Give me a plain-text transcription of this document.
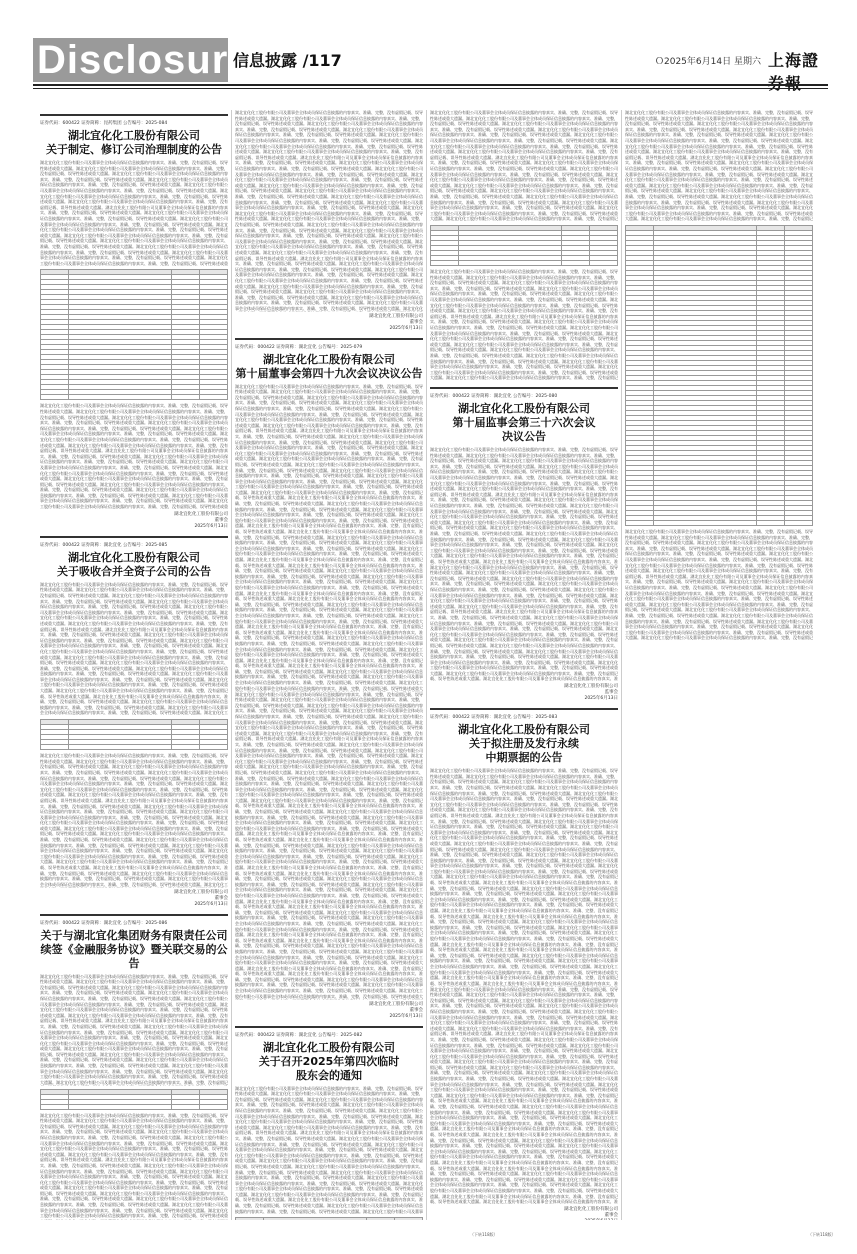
Disclosure
信息披露 /117	Ｏ2025年6月14日 星期六 上海證
证券代码：600422 证券简称：昆药集团 公告编号：2025-084
湖北宜化化工股份有限公司
关于制定、修订公司治理制度的公告
湖北宜化化工股份有限公司及董事会全体成员保证信息披露的内容真实、准确、完整，没有虚假记载、误导性陈述或重大遗漏。湖北宜化化工股份有限公司及董事会全体成员保证信息披露的内容真实、准确、完整，没有虚假记载、误导性陈述或重大遗漏。湖北宜化化工股份有限公司及董事会全体成员保证信息披露的内容真实、准确、完整，没有虚假记载、误导性陈述或重大遗漏。湖北宜化化工股份有限公司及董事会全体成员保证信息披露的内容真实、准确、完整，没有虚假记载、误导性陈述或重大遗漏。湖北宜化化工股份有限公司及董事会全体成员保证信息披露的内容真实、准确、完整，没有虚假记载、误导性陈述或重大遗漏。湖北宜化化工股份有限公司及董事会全体成员保证信息披露的内容真实、准确、完整，没有虚假记载、误导性陈述或重大遗漏。湖北宜化化工股份有限公司及董事会全体成员保证信息披露的内容真实、准确、完整，没有虚假记载、误导性陈述或重大遗漏。湖北宜化化工股份有限公司及董事会全体成员保证信息披露的内容真实、准确、完整，没有虚假记载、误导性陈述或重大遗漏。湖北宜化化工股份有限公司及董事会全体成员保证信息披露的内容真实、准确、完整，没有虚假记载、误导性陈述或重大遗漏。湖北宜化化工股份有限公司及董事会全体成员保证信息披露的内容真实、准确、完整，没有虚假记载、误导性陈述或重大遗漏。湖北宜化化工股份有限公司及董事会全体成员保证信息披露的内容真实、准确、完整，没有虚假记载、误导性陈述或重大遗漏。湖北宜化化工股份有限公司及董事会全体成员保证信息披露的内容真实、准确、完整，没有虚假记载、误导性陈述或重大遗漏。湖北宜化化工股份有限公司及董事会全体成员保证信息披露的内容真实、准确、完整，没有虚假记载、误导性陈述或重大遗漏。湖北宜化化工股份有限公司及董事会全体成员保证信息披露的内容真实、准确、完整，没有虚假记载、误导性陈述或重大遗漏。湖北宜化化工股份有限公司及董事会全体成员保证信息披露的内容真实、准确、完整，没有虚假记载、误导性陈述或重大遗漏。湖北宜化化工股份有限公司及董事会全体成员保证信息披露的内容真实、准确、完整，没有虚假记载、误导性陈述或重

湖北宜化化工股份有限公司及董事会全体成员保证信息披露的内容真实、准确、完整，没有虚假记载、误导性陈述或重大遗漏。湖北宜化化工股份有限公司及董事会全体成员保证信息披露的内容真实、准确、完整，没有虚假记载、误导性陈述或重大遗漏。湖北宜化化工股份有限公司及董事会全体成员保证信息披露的内容真实、准确、完整，没有虚假记载、误导性陈述或重大遗漏。湖北宜化化工股份有限公司及董事会全体成员保证信息披露的内容真实、准确、完整，没有虚假记载、误导性陈述或重大遗漏。湖北宜化化工股份有限公司及董事会全体成员保证信息披露的内容真实、准确、完整，没有虚假记载、误导性陈述或重大遗漏。湖北宜化化工股份有限公司及董事会全体成员保证信息披露的内容真实、准确、完整，没有虚假记载、误导性陈述或重大遗漏。湖北宜化化工股份有限公司及董事会全体成员保证信息披露的内容真实、准确、完整，没有虚假记载、误导性陈述或重大遗漏。湖北宜化化工股份有限公司及董事会全体成员保证信息披露的内容真实、准确、完整，没有虚假记载、误导性陈述或重大遗漏。湖北宜化化工股份有限公司及董事会全体成员保证信息披露的内容真实、准确、完整，没有虚假记载、误导性陈述或重大遗漏。湖北宜化化工股份有限公司及董事会全体成员保证信息披露的内容真实、准确、完整，没有虚假记载、误导性陈述或重大遗漏。湖北宜化化工股份有限公司及董事会全体成员保证信息披露的内容真实、准确、完整，没有虚假记载、误导性陈述或重大遗漏。湖北宜化化工股份有限公司及董事会全体成员保证信息披露的内容真实、准确、完整，没有虚假记载、误导性陈述或重大遗漏。湖北宜化化工股份有限公司及董事会全体成员保证信息披露的内容真实、准确、完整，没有虚假记载、误导性陈述或重大遗漏。湖北宜化化工股份有限公司及董事会全体成员保证信息披露的内容真实、准确、完整，没有虚假记载、误导性陈述或重大遗漏。湖北宜化化工股份有限公司及董事会全体成员保证信息披露的内容真实、准确、完整，没有虚假记载、误导性陈述或重大遗漏。湖北宜化化工股份有限公司及董事会全体成员保证信息披露的内容真实、准确、完整，没有虚假记载、误导性陈述或重
湖北宜化化工股份有限公司
董事会
2025年6月13日
证券代码：000422 证券简称：湖北宜化 公告编号：2025-085
湖北宜化化工股份有限公司
关于吸收合并全资子公司的公告
湖北宜化化工股份有限公司及董事会全体成员保证信息披露的内容真实、准确、完整，没有虚假记载、误导性陈述或重大遗漏。湖北宜化化工股份有限公司及董事会全体成员保证信息披露的内容真实、准确、完整，没有虚假记载、误导性陈述或重大遗漏。湖北宜化化工股份有限公司及董事会全体成员保证信息披露的内容真实、准确、完整，没有虚假记载、误导性陈述或重大遗漏。湖北宜化化工股份有限公司及董事会全体成员保证信息披露的内容真实、准确、完整，没有虚假记载、误导性陈述或重大遗漏。湖北宜化化工股份有限公司及董事会全体成员保证信息披露的内容真实、准确、完整，没有虚假记载、误导性陈述或重大遗漏。湖北宜化化工股份有限公司及董事会全体成员保证信息披露的内容真实、准确、完整，没有虚假记载、误导性陈述或重大遗漏。湖北宜化化工股份有限公司及董事会全体成员保证信息披露的内容真实、准确、完整，没有虚假记载、误导性陈述或重大遗漏。湖北宜化化工股份有限公司及董事会全体成员保证信息披露的内容真实、准确、完整，没有虚假记载、误导性陈述或重大遗漏。湖北宜化化工股份有限公司及董事会全体成员保证信息披露的内容真实、准确、完整，没有虚假记载、误导性陈述或重大遗漏。湖北宜化化工股份有限公司及董事会全体成员保证信息披露的内容真实、准确、完整，没有虚假记载、误导性陈述或重大遗漏。湖北宜化化工股份有限公司及董事会全体成员保证信息披露的内容真实、准确、完整，没有虚假记载、误导性陈述或重大遗漏。湖北宜化化工股份有限公司及董事会全体成员保证信息披露的内容真实、准确、完整，没有虚假记载、误导性陈述或重大遗漏。湖北宜化化工股份有限公司及董事会全体成员保证信息披露的内容真实、准确、完整，没有虚假记载、误导性陈述或重大遗漏。湖北宜化化工股份有限公司及董事会全体成员保证信息披露的内容真实、准确、完整，没有虚假记载、误导性陈述或重大遗漏。湖北宜化化工股份有限公司及董事会全体成员保证信息披露的内容真实、准确、完整，没有虚假记载、误导性陈述或重大遗漏。湖北宜化化工股份有限公司及董事会全体成员保证信息披露的内容真实、准确、完整，没有虚假记载、误导性陈述或重大遗漏。湖北宜化化工股份有限公司及董事会全体成员保证信息披露的内容真实、准确、完整，没有虚假记载、误导性陈述或重大遗漏。湖北宜化化工股份有限公司及董事会全体成员保证信息披露的内容真实、准确、完整，没有虚假记载、误导性陈述或重大遗漏。湖北宜化化工股份有限公司及董事会全体成员保证信息披露的内容真实、准确、完整，没有虚假记载、误导性陈述或重大遗漏。湖北宜化化工股份有限公司及董事会全体成员保证信息披露的内容真实、准确、完整，没有虚假记载、误导性陈述或重大遗漏。湖北宜化化工

湖北宜化化工股份有限公司及董事会全体成员保证信息披露的内容真实、准确、完整，没有虚假记载、误导性陈述或重大遗漏。湖北宜化化工股份有限公司及董事会全体成员保证信息披露的内容真实、准确、完整，没有虚假记载、误导性陈述或重大遗漏。湖北宜化化工股份有限公司及董事会全体成员保证信息披露的内容真实、准确、完整，没有虚假记载、误导性陈述或重大遗漏。湖北宜化化工股份有限公司及董事会全体成员保证信息披露的内容真实、准确、完整，没有虚假记载、误导性陈述或重大遗漏。湖北宜化化工股份有限公司及董事会全体成员保证信息披露的内容真实、准确、完整，没有虚假记载、误导性陈述或重大遗漏。湖北宜化化工股份有限公司及董事会全体成员保证信息披露的内容真实、准确、完整，没有虚假记载、误导性陈述或重大遗漏。湖北宜化化工股份有限公司及董事会全体成员保证信息披露的内容真实、准确、完整，没有虚假记载、误导性陈述或重大遗漏。湖北宜化化工股份有限公司及董事会全体成员保证信息披露的内容真实、准确、完整，没有虚假记载、误导性陈述或重大遗漏。湖北宜化化工股份有限公司及董事会全体成员保证信息披露的内容真实、准确、完整，没有虚假记载、误导性陈述或重大遗漏。湖北宜化化工股份有限公司及董事会全体成员保证信息披露的内容真实、准确、完整，没有虚假记载、误导性陈述或重大遗漏。湖北宜化化工股份有限公司及董事会全体成员保证信息披露的内容真实、准确、完整，没有虚假记载、误导性陈述或重大遗漏。湖北宜化化工股份有限公司及董事会全体成员保证信息披露的内容真实、准确、完整，没有虚假记载、误导性陈述或重大遗漏。湖北宜化化工股份有限公司及董事会全体成员保证信息披露的内容真实、准确、完整，没有虚假记载、误导性陈述或重大遗漏。湖北宜化化工股份有限公司及董事会全体成员保证信息披露的内容真实、准确、完整，没有虚假记载、误导性陈述或重大遗漏。湖北宜化化工股份有限公司及董事会全体成员保证信息披露的内容真实、准确、完整，没有虚假记载、误导性陈述或重大遗漏。湖北宜化化工股份有限公司及董事会全体成员保证信息披露的内容真实、准确、完整，没有虚假记载、误导性陈述或重大遗漏。湖北宜化化工股份有限公司及董事会全体成员保证信息披露的内容真实、准确、完整，没有虚假记载、误导性陈述或重大遗漏。湖北宜化化工股份有限公司及董事会全体成员保证信息披露的内容真实、准确、完整，没有虚假记载、误导性陈述或重大遗漏。湖北宜化化工股份有限公司及董事会全体成员保证信息披露的内容真实、准确、完整，没有虚假记载、误导性陈述或重大遗漏。湖北宜化化工股份有限公司及董事会全体成员保证信息披露的内容真实、准确、完整，没有虚假记载、误导性陈述或重大遗漏。湖北宜化化工
湖北宜化化工股份有限公司
董事会
2025年6月13日
证券代码：000422 证券简称：湖北宜化 公告编号：2025-086
关于与湖北宜化集团财务有限责任公司
续签《金融服务协议》暨关联交易的公告
湖北宜化化工股份有限公司及董事会全体成员保证信息披露的内容真实、准确、完整，没有虚假记载、误导性陈述或重大遗漏。湖北宜化化工股份有限公司及董事会全体成员保证信息披露的内容真实、准确、完整，没有虚假记载、误导性陈述或重大遗漏。湖北宜化化工股份有限公司及董事会全体成员保证信息披露的内容真实、准确、完整，没有虚假记载、误导性陈述或重大遗漏。湖北宜化化工股份有限公司及董事会全体成员保证信息披露的内容真实、准确、完整，没有虚假记载、误导性陈述或重大遗漏。湖北宜化化工股份有限公司及董事会全体成员保证信息披露的内容真实、准确、完整，没有虚假记载、误导性陈述或重大遗漏。湖北宜化化工股份有限公司及董事会全体成员保证信息披露的内容真实、准确、完整，没有虚假记载、误导性陈述或重大遗漏。湖北宜化化工股份有限公司及董事会全体成员保证信息披露的内容真实、准确、完整，没有虚假记载、误导性陈述或重大遗漏。湖北宜化化工股份有限公司及董事会全体成员保证信息披露的内容真实、准确、完整，没有虚假记载、误导性陈述或重大遗漏。湖北宜化化工股份有限公司及董事会全体成员保证信息披露的内容真实、准确、完整，没有虚假记载、误导性陈述或重大遗漏。湖北宜化化工股份有限公司及董事会全体成员保证信息披露的内容真实、准确、完整，没有虚假记载、误导性陈述或重大遗漏。湖北宜化化工股份有限公司及董事会全体成员保证信息披露的内容真实、准确、完整，没有虚假记载、误导性陈述或重大遗漏。湖北宜化化工股份有限公司及董事会全体成员保证信息披露的内容真实、准确、完整，没有虚假记载、误导性陈述或重大遗漏。湖北宜化化工股份有限公司及董事会全体成员保证信息披露的内容真实、准确、完整，没有虚假记载、误导性陈述或重大遗漏。湖北宜化化工股份有限公司及董事会全体成员保证信息披露的内容真实、准确、完整，没有虚假记载、误导性陈述或重大遗漏。湖北宜化化工股份有限公司及董事会全体成员保证信息披露的内容真实、准确、完整，没有虚假记载、误导性陈述或重大遗漏。湖北宜化化工股份有限公司及董事会全体成员保证信息披露的内容真实、准确、完整，没有虚假记载、误导性陈述或重大遗漏。湖北宜化化工股份有限公司及董事会全体成员保证信息披露的内容真实、准确、完整，没有虚假记

湖北宜化化工股份有限公司及董事会全体成员保证信息披露的内容真实、准确、完整，没有虚假记载、误导性陈述或重大遗漏。湖北宜化化工股份有限公司及董事会全体成员保证信息披露的内容真实、准确、完整，没有虚假记载、误导性陈述或重大遗漏。湖北宜化化工股份有限公司及董事会全体成员保证信息披露的内容真实、准确、完整，没有虚假记载、误导性陈述或重大遗漏。湖北宜化化工股份有限公司及董事会全体成员保证信息披露的内容真实、准确、完整，没有虚假记载、误导性陈述或重大遗漏。湖北宜化化工股份有限公司及董事会全体成员保证信息披露的内容真实、准确、完整，没有虚假记载、误导性陈述或重大遗漏。湖北宜化化工股份有限公司及董事会全体成员保证信息披露的内容真实、准确、完整，没有虚假记载、误导性陈述或重大遗漏。湖北宜化化工股份有限公司及董事会全体成员保证信息披露的内容真实、准确、完整，没有虚假记载、误导性陈述或重大遗漏。湖北宜化化工股份有限公司及董事会全体成员保证信息披露的内容真实、准确、完整，没有虚假记载、误导性陈述或重大遗漏。湖北宜化化工股份有限公司及董事会全体成员保证信息披露的内容真实、准确、完整，没有虚假记载、误导性陈述或重大遗漏。湖北宜化化工股份有限公司及董事会全体成员保证信息披露的内容真实、准确、完整，没有虚假记载、误导性陈述或重大遗漏。湖北宜化化工股份有限公司及董事会全体成员保证信息披露的内容真实、准确、完整，没有虚假记载、误导性陈述或重大遗漏。湖北宜化化工股份有限公司及董事会全体成员保证信息披露的内容真实、准确、完整，没有虚假记载、误导性陈述或重大遗漏。湖北宜化化工股份有限公司及董事会全体成员保证信息披露的内容真实、准确、完整，没有虚假记载、误导性陈述或重大遗漏。湖北宜化化工股份有限公司及董事会全体成员保证信息披露的内容真实、准确、完整，没有虚假记载、误导性陈述或重大遗漏。湖北宜化化工股份有限公司及董事会全体成员保证信息披露的内容真实、准确、完整，没有虚假记载、误导性陈述或重大遗漏。湖北宜化化工股份有限公司及董事会全体成员保证信息披露的内容真实、准确、完整，没有虚假记载、误导性陈述或重
湖北宜化化工股份有限公司及董事会全体成员保证信息披露的内容真实、准确、完整，没有虚假记载、误导性陈述或重大遗漏。湖北宜化化工股份有限公司及董事会全体成员保证信息披露的内容真实、准确、完整，没有虚假记载、误导性陈述或重大遗漏。湖北宜化化工股份有限公司及董事会全体成员保证信息披露的内容真实、准确、完整，没有虚假记载、误导性陈述或重大遗漏。湖北宜化化工股份有限公司及董事会全体成员保证信息披露的内容真实、准确、完整，没有虚假记载、误导性陈述或重大遗漏。湖北宜化化工股份有限公司及董事会全体成员保证信息披露的内容真实、准确、完整，没有虚假记载、误导性陈述或重大遗漏。湖北宜化化工股份有限公司及董事会全体成员保证信息披露的内容真实、准确、完整，没有虚假记载、误导性陈述或重大遗漏。湖北宜化化工股份有限公司及董事会全体成员保证信息披露的内容真实、准确、完整，没有虚假记载、误导性陈述或重大遗漏。湖北宜化化工股份有限公司及董事会全体成员保证信息披露的内容真实、准确、完整，没有虚假记载、误导性陈述或重大遗漏。湖北宜化化工股份有限公司及董事会全体成员保证信息披露的内容真实、准确、完整，没有虚假记载、误导性陈述或重大遗漏。湖北宜化化工股份有限公司及董事会全体成员保证信息披露的内容真实、准确、完整，没有虚假记载、误导性陈述或重大遗漏。湖北宜化化工股份有限公司及董事会全体成员保证信息披露的内容真实、准确、完整，没有虚假记载、误导性陈述或重大遗漏。湖北宜化化工股份有限公司及董事会全体成员保证信息披露的内容真实、准确、完整，没有虚假记载、误导性陈述或重大遗漏。湖北宜化化工股份有限公司及董事会全体成员保证信息披露的内容真实、准确、完整，没有虚假记载、误导性陈述或重大遗漏。湖北宜化化工股份有限公司及董事会全体成员保证信息披露的内容真实、准确、完整，没有虚假记载、误导性陈述或重大遗漏。湖北宜化化工股份有限公司及董事会全体成员保证信息披露的内容真实、准确、完整，没有虚假记载、误导性陈述或重大遗漏。湖北宜化化
湖北宜化化工股份有限公司及董事会全体成员保证信息披露的内容真实、准确、完整，没有虚假记载、误导性陈述或重大遗漏。湖北宜化化工股份有限公司及董事会全体成员保证信息披露的内容真实、准确、完整，没有虚假记载、误导性陈述或重大遗漏。湖北宜化化工股份有限公司及董事会全体成员保证信息披露的内容真实、准确、完整，没有虚假记载、误导性陈述或重大遗漏。湖北宜化化工股份有限公司及董事会全体成员保证信息披露的内容真实、准确、完整，没有虚假记载、误导性陈述或重大遗漏。湖北宜化化工股份有限公司及董事会全体成员保证信息披露的内容真实、准确、完整，没有虚假记载、误导性陈述或重大遗漏。湖北宜化化工股份有限公司及董事会全体成员保证信息披露的内容真实、准确、完整，没有虚假记载、误导性陈述或重大遗漏。湖北宜化化工股份有限公司及董事会全体成员保证信息披露的内容真实、准确、完整，没有虚假记载、误导性陈述或重大遗漏。湖北宜化化工股份有限公司及董事会全体成员保证信息披露的内容真实、准确、完整，没有虚假记载、误导性陈述或重大遗漏。湖北宜化化工股份有限公司及董事会全体成员保证信息披露的内容真实、准确、完整，没有虚假记载、误导性陈述或重大遗漏。湖北宜化化工股份有限公司及董事会全体成员保证信息披露的内容真实、准确、完整，没有虚假记载、误导性陈述或重大遗漏。湖北宜化化工股份有限公司及董事会全体成员保证信息披露的内容真实、准确、完整，没有虚假记载、误导性陈述或重大遗漏。湖北宜化化工股份有限公司及董事会全体成员保证信息披露的内容真实、准确、完整，没有虚假记载、误导性陈述或重大遗漏。湖北宜化化工股份有限公司及董事会全体成员保证信息披露的内容真实、准确、完整，没有虚假记载、误导性陈述或重大遗漏。湖北宜化化工股份有限公司及董事会全体成员保证信息披露的内容真实、准确、完整，没有虚假记载、误导性陈述或重大遗漏。湖北宜化化工股份有限公司及董事会全体成员保证信息披露的内容真实、准确、完整，没有虚假记载、误导性陈述或重大遗漏。湖北宜化化
湖北宜化化工股份有限公司
董事会
2025年6月13日
证券代码：000422 证券简称：湖北宜化 公告编号：2025-079
湖北宜化化工股份有限公司
第十届董事会第四十九次会议决议公告
湖北宜化化工股份有限公司及董事会全体成员保证信息披露的内容真实、准确、完整，没有虚假记载、误导性陈述或重大遗漏。湖北宜化化工股份有限公司及董事会全体成员保证信息披露的内容真实、准确、完整，没有虚假记载、误导性陈述或重大遗漏。湖北宜化化工股份有限公司及董事会全体成员保证信息披露的内容真实、准确、完整，没有虚假记载、误导性陈述或重大遗漏。湖北宜化化工股份有限公司及董事会全体成员保证信息披露的内容真实、准确、完整，没有虚假记载、误导性陈述或重大遗漏。湖北宜化化工股份有限公司及董事会全体成员保证信息披露的内容真实、准确、完整，没有虚假记载、误导性陈述或重大遗漏。湖北宜化化工股份有限公司及董事会全体成员保证信息披露的内容真实、准确、完整，没有虚假记载、误导性陈述或重大遗漏。湖北宜化化工股份有限公司及董事会全体成员保证信息披露的内容真实、准确、完整，没有虚假记载、误导性陈述或重大遗漏。湖北宜化化工股份有限公司及董事会全体成员保证信息披露的内容真实、准确、完整，没有虚假记载、误导性陈述或重大遗漏。湖北宜化化工股份有限公司及董事会全体成员保证信息披露的内容真实、准确、完整，没有虚假记载、误导性陈述或重大遗漏。湖北宜化化工股份有限公司及董事会全体成员保证信息披露的内容真实、准确、完整，没有虚假记载、误导性陈述或重大遗漏。湖北宜化化工股份有限公司及董事会全体成员保证信息披露的内容真实、准确、完整，没有虚假记载、误导性陈述或重大遗漏。湖北宜化化工股份有限公司及董事会全体成员保证信息披露的内容真实、准确、完整，没有虚假记载、误导性陈述或重大遗漏。湖北宜化化工股份有限公司及董事会全体成员保证信息披露的内容真实、准确、完整，没有虚假记载、误导性陈述或重大遗漏。湖北宜化化工股份有限公司及董事会全体成员保证信息披露的内容真实、准确、完整，没有虚假记载、误导性陈述或重大遗漏。湖北宜化化工股份有限公司及董事会全体成员保证信息披露的内容真实、准确、完整，没有虚假记载、误导性陈述或重大遗漏。湖北宜化化工股份有限公司及董事会全体成员保证信息披露的内容真实、准确、完整，没有虚假记载、误导性陈述或重大遗漏。湖北宜化化工股份有限公司及董事会全体成员保证信息披露的内容真实、准确、完整，没有虚假记载、误导性陈述或重大遗漏。湖北宜化化工股份有限公司及董事会全体成员保证信息披露的内容真实、准确、完整，没有虚假记载、误导性陈述或重大遗漏。湖北宜化化工股份有限公司及董事会全体成员保证信息披露的内容真实、准确、完整，没有虚假记载、误导性陈述或重大遗漏。湖北宜化化工股份有限公司及董事会全体成员保证信息披露的内容真实、准确、完整，没有虚假记载、误导性陈述或重大遗漏。湖北宜化化工股份有限公司及董事会全体成员保证信息披露的内容真实、准确、完整，没有虚假记载、误导性陈述或重大遗漏。湖北宜化化工股份有限公司及董事会全体成员保证信息披露的内容真实、准确、完整，没有虚假记载、误导性陈述或重大遗漏。湖北宜化化工股份有限公司及董事会全体成员保证信息披露的内容真实、准确、完整，没有虚假记载、误导性陈述或重大遗漏。湖北宜化化工股份有限公司及董事会全体成员保证信息披露的内容真实、准确、完整，没有虚假记载、误导性陈述或重大遗漏。湖北宜化化工股份有限公司及董事会全体成员保证信息披露的内容真实、准确、完整，没有虚假记载、误导性陈述或重大遗漏。湖北宜化化工股份有限公司及董事会全体成员保证信息披露的内容真实、准确、完整，没有虚假记载、误导性陈述或重大遗漏。湖北宜化化工股份有限公司及董事会全体成员保证信息披露的内容真实、准确、完整，没有虚假记载、误导性陈述或重大遗漏。湖北宜化化工股份有限公司及董事会全体成员保证信息披露的内容真实、准确、完整，没有虚假记载、误导性陈述或重大遗漏。湖北宜化化工股份有限公司及董事会全体成员保证信息披露的内容真实、准确、完整，没有虚假记载、误导性陈述或重大遗漏。湖北宜化化工股份有限公司及董事会全体成员保证信息披露的内容真实、准确、完整，没有虚假记载、误导性陈述或重大遗漏。湖北宜化化工股份有限公司及董事会全体成员保证信息披露的内容真实、准确、完整，没有虚假记载、误导性陈述或重大遗漏。湖北宜化化工股份有限公司及董事会全体成员保证信息披露的内容真实、准确、完整，没有虚假记载、误导性陈述或重大遗漏。湖北宜化化工股份有限公司及董事会全体成员保证信息披露的内容真实、准确、完整，没有虚假记载、误导性陈述或重大遗漏。湖北宜化化工股份有限公司及董事会全体成员保证信息披露的内容真实、准确、完整，没有虚假记载、误导性陈述或重大遗漏。湖北宜化化工股份有限公司及董事会全体成员保证信息披露的内容真实、准确、完整，没有虚假记载、误导性陈述或重大遗漏。湖北宜化化工股份有限公司及董事会全体成员保证信息披露的内容真实、准确、完整，没有虚假记载、误导性陈述或重大遗漏。湖北宜化化工股份有限公司及董事会全体成员保证信息披露的内容真实、准确、完整，没有虚假记载、误导性陈述或重大遗漏。湖北宜化化工股份有限公司及董事会全体成员保证信息披露的内容真实、准确、完整，没有虚假记载、误导性陈述或重大遗漏。湖北宜化化工股份有限公司及董事会全体成员保证信息披露的内容真实、准确、完整，没有虚假记载、误导性陈述或重大遗漏。湖北宜化化工股份有限公司及董事会全体成员保证信息披露的内容真实、准确、完整，没有虚假记载、误导性陈述或重大遗漏。湖北宜化化工股份有限公司及董事会全体成员保证信息披露的内容真实、准确、完整，没有虚假记载、误导性陈述或重大遗漏。湖北宜化化工股份有限公司及董事会全体成员保证信息披露的内容真实、准确、完整，没有虚假记载、误导性陈述或重大遗漏。湖北宜化化工股份有限公司及董事会全体成员保证信息披露的内容真实、准确、完整，没有虚假记载、误导性陈述或重大遗漏。湖北宜化化工股份有限公司及董事会全体成员保证信息披露的内容真实、准确、完整，没有虚假记载、误导性陈述或重大遗漏。湖北宜化化工股份有限公司及董事会全体成员保证信息披露的内容真实、准确、完整，没有虚假记载、误导性陈述或重大遗漏。湖北宜化化工股份有限公司及董事会全体成员保证信息披露的内容真实、准确、完整，没有虚假记载、误导性陈述或重大
湖北宜化化工股份有限公司及董事会全体成员保证信息披露的内容真实、准确、完整，没有虚假记载、误导性陈述或重大遗漏。湖北宜化化工股份有限公司及董事会全体成员保证信息披露的内容真实、准确、完整，没有虚假记载、误导性陈述或重大遗漏。湖北宜化化工股份有限公司及董事会全体成员保证信息披露的内容真实、准确、完整，没有虚假记载、误导性陈述或重大遗漏。湖北宜化化工股份有限公司及董事会全体成员保证信息披露的内容真实、准确、完整，没有虚假记载、误导性陈述或重大遗漏。湖北宜化化工股份有限公司及董事会全体成员保证信息披露的内容真实、准确、完整，没有虚假记载、误导性陈述或重大遗漏。湖北宜化化工股份有限公司及董事会全体成员保证信息披露的内容真实、准确、完整，没有虚假记载、误导性陈述或重大遗漏。湖北宜化化工股份有限公司及董事会全体成员保证信息披露的内容真实、准确、完整，没有虚假记载、误导性陈述或重大遗漏。湖北宜化化工股份有限公司及董事会全体成员保证信息披露的内容真实、准确、完整，没有虚假记载、误导性陈述或重大遗漏。湖北宜化化工股份有限公司及董事会全体成员保证信息披露的内容真实、准确、完整，没有虚假记载、误导性陈述或重大遗漏。湖北宜化化工股份有限公司及董事会全体成员保证信息披露的内容真实、准确、完整，没有虚假记载、误导性陈述或重大遗漏。湖北宜化化工股份有限公司及董事会全体成员保证信息披露的内容真实、准确、完整，没有虚假记载、误导性陈述或重大遗漏。湖北宜化化工股份有限公司及董事会全体成员保证信息披露的内容真实、准确、完整，没有虚假记载、误导性陈述或重大遗漏。湖北宜化化工股份有限公司及董事会全体成员保证信息披露的内容真实、准确、完整，没有虚假记载、误导性陈述或重大遗漏。湖北宜化化工股份有限公司及董事会全体成员保证信息披露的内容真实、准确、完整，没有虚假记载、误导性陈述或重大遗漏。湖北宜化化工股份有限公司及董事会全体成员保证信息披露的内容真实、准确、完整，没有虚假记载、误导性陈述或重大遗漏。湖北宜化化工股份有限公司及董事会全体成员保证信息披露的内容真实、准确、完整，没有虚假记载、误导性陈述或重大遗漏。湖北宜化化工股份有限公司及董事会全体成员保证信息披露的内容真实、准确、完整，没有虚假记载、误导性陈述或重大遗漏。湖北宜化化工股份有限公司及董事会全体成员保证信息披露的内容真实、准确、完整，没有虚假记载、误导性陈述或重大遗漏。湖北宜化化工股份有限公司及董事会全体成员保证信息披露的内容真实、准确、完整，没有虚假记载、误导性陈述或重大遗漏。湖北宜化化工股份有限公司及董事会全体成员保证信息披露的内容真实、准确、完整，没有虚假记载、误导性陈述或重大遗漏。湖北宜化化工股份有限公司及董事会全体成员保证信息披露的内容真实、准确、完整，没有虚假记载、误导性陈述或重大遗漏。湖北宜化化工股份有限公司及董事会全体成员保证信息披露的内容真实、准确、完整，没有虚假记载、误导性陈述或重大遗漏。湖北宜化化工股份有限公司及董事会全体成员保证信息披露的内容真实、准确、完整，没有虚假记载、误导性陈述或重大遗漏。湖北宜化化工股份有限公司及董事会全体成员保证信息披露的内容真实、准确、完整，没有虚假记载、误导性陈述或重大遗漏。湖北宜化化工股份有限公司及董事会全体成员保证信息披露的内容真实、准确、完整，没有虚假记载、误导性陈述或重大遗漏。湖北宜化化工股份有限公司及董事会全体成员保证信息披露的内容真实、准确、完整，没有虚假记载、误导性陈述或重大遗漏。湖北宜化化工股份有限公司及董事会全体成员保证信息披露的内容真实、准确、完整，没有虚假记载、误导性陈述或重大遗漏。湖北宜化化工股份有限公司及董事会全体成员保证信息披露的内容真实、准确、完整，没有虚假记载、误导性陈述或重大遗漏。湖北宜化化工股份有限公司及董事会全体成员保证信息披露的内容真实、准确、完整，没有虚假记载、误导性陈述或重大遗漏。湖北宜化化工股份有限公司及董事会全体成员保证信息披露的内容真实、准确、完整，没有虚假记载、误导性陈述或重大遗漏。湖北宜化化工股份有限公司及董事会全体成员保证信息披露的内容真实、准确、完整，没有虚假记载、误导性陈述或重大遗漏。湖北宜化化工股份有限公司及董事会全体成员保证信息披露的内容真实、准确、完整，没有虚假记载、误导性陈述或重大遗漏。湖北宜化化工股份有限公司及董事会全体成员保证信息披露的内容真实、准确、完整，没有虚假记载、误导性陈述或重大遗漏。湖北宜化化工股份有限公司及董事会全体成员保证信息披露的内容真实、准确、完整，没有虚假记载、误导性陈述或重大遗漏。湖北宜化化工股份有限公司及董事会全体成员保证信息披露的内容真实、准确、完整，没有虚假记载、误导性陈述或重大遗漏。湖北宜化化工股份有限公司及董事会全体成员保证信息披露的内容真实、准确、完整，没有虚假记载、误导性陈述或重大遗漏。湖北宜化化工股份有限公司及董事会全体成员保证信息披露的内容真实、准确、完整，没有虚假记载、误导性陈述或重大遗漏。湖北宜化化工股份有限公司及董事会全体成员保证信息披露的内容真实、准确、完整，没有虚假记载、误导性陈述或重大遗漏。湖北宜化化工股份有限公司及董事会全体成员保证信息披露的内容真实、准确、完整，没有虚假记载、误导性陈述或重大遗漏。湖北宜化化工股份有限公司及董事会全体成员保证信息披露的内容真实、准确、完整，没有虚假记载、误导性陈述或重大遗漏。湖北宜化化工股份有限公司及董事会全体成员保证信息披露的内容真实、准确、完整，没有虚假记载、误导性陈述或重大遗漏。湖北宜化化工股份有限公司及董事会全体成员保证信息披露的内容真实、准确、完整，没有虚假记载、误导性陈述或重大遗漏。湖北宜化化工股份有限公司及董事会全体成员保证信息披露的内容真实、准确、完整，没有虚假记载、误导性陈述或重大遗漏。湖北宜化化工股份有限公司及董事会全体成员保证信息披露的内容真实、准确、完整，没有虚假记载、误导性陈述或重大遗漏。湖北宜化化工股份有限公司及董事会全体成员保证信息披露的内容真实、准确、完整，没有虚假记载、误导性陈述或重大遗漏。湖北宜化化工股份有限公司及董事会全体成员保证信息披露的内容真实、准确、完整，没有虚假记载、误导性陈述或重大
湖北宜化化工股份有限公司
董事会
2025年6月13日
证券代码：000422 证券简称：湖北宜化 公告编号：2025-082
湖北宜化化工股份有限公司
关于召开2025年第四次临时
股东会的通知
湖北宜化化工股份有限公司及董事会全体成员保证信息披露的内容真实、准确、完整，没有虚假记载、误导性陈述或重大遗漏。湖北宜化化工股份有限公司及董事会全体成员保证信息披露的内容真实、准确、完整，没有虚假记载、误导性陈述或重大遗漏。湖北宜化化工股份有限公司及董事会全体成员保证信息披露的内容真实、准确、完整，没有虚假记载、误导性陈述或重大遗漏。湖北宜化化工股份有限公司及董事会全体成员保证信息披露的内容真实、准确、完整，没有虚假记载、误导性陈述或重大遗漏。湖北宜化化工股份有限公司及董事会全体成员保证信息披露的内容真实、准确、完整，没有虚假记载、误导性陈述或重大遗漏。湖北宜化化工股份有限公司及董事会全体成员保证信息披露的内容真实、准确、完整，没有虚假记载、误导性陈述或重大遗漏。湖北宜化化工股份有限公司及董事会全体成员保证信息披露的内容真实、准确、完整，没有虚假记载、误导性陈述或重大遗漏。湖北宜化化工股份有限公司及董事会全体成员保证信息披露的内容真实、准确、完整，没有虚假记载、误导性陈述或重大遗漏。湖北宜化化工股份有限公司及董事会全体成员保证信息披露的内容真实、准确、完整，没有虚假记载、误导性陈述或重大遗漏。湖北宜化化工股份有限公司及董事会全体成员保证信息披露的内容真实、准确、完整，没有虚假记载、误导性陈述或重大遗漏。湖北宜化化工股份有限公司及董事会全体成员保证信息披露的内容真实、准确、完整，没有虚假记载、误导性陈述或重大遗漏。湖北宜化化工股份有限公司及董事会全体成员保证信息披露的内容真实、准确、完整，没有虚假记载、误导性陈述或重大遗漏。湖北宜化化工股份有限公司及董事会全体成员保证信息披露的内容真实、准确、完整，没有虚假记载、误导性陈述或重大遗漏。湖北宜化化工股份有限公司及董事会全体成员保证信息披露的内容真实、准确、完整，没有虚假记载、误导性陈述或重大遗漏。湖北宜化化工股份有限公司及董事会全体成员保证信息披露的内容真实、准确、完整，没有虚假记载、误导性陈述或重大遗漏。湖北宜化化工股份有限公司及董事会全体成员保证信息披露的内容真实、准确、完整，没有虚假记载、误导性陈述或重大遗漏。湖北宜化化工股份有限公司及董事会全体成员保证信息披露的内容真实、准确、完整，没有虚假记载、误导性陈述或重大遗漏。湖北宜化化工股份有限公司及董事会全体成员保证信息披露的内容真实、准确、完整，没有虚假记载、误导性陈述或重大遗漏。湖北宜化化工股份有限公司及董事会全体成员保证信息披露的内容真实、准确、完整，没有虚假记载、误导性陈述或重大遗漏。湖北宜化化工股份有限公司及董事

湖北宜化化工股份有限公司及董事会全体成员保证信息披露的内容真实、准确、完整，没有虚假记载、误导性陈述或重大遗漏。湖北宜化化工股份有限公司及董事会全体成员保证信息披露的内容真实、准确、完整，没有虚假记载、误导性陈述或重大遗漏。湖北宜化化工股份有限公司及董事会全体成员保证信息披露的内容真实、准确、完整，没有虚假记载、误导性陈述或重大遗漏。湖北宜化化工股份有限公司及董事会全体成员保证信息披露的内容真实、准确、完整，没有虚假记载、误导性陈述或重大遗漏。湖北宜化化工股份有限公司及董事会全体成员保证信息披露的内容真实、准确、完整，没有虚假记载、误导性陈述或重大遗漏。湖北宜化化工股份有限公司及董事会全体成员保证信息披露的内容真实、准确、完整，没有虚假记载、误导性陈述或重大遗漏。湖北宜化化工股份有限公司及董事会全体成员保证信息披露的内容真实、准确、完整，没有虚假记载、误导性陈述或重大遗漏。湖北宜化化工股份有限公司及董事会全体成员保证信息披露的内容真实、准确、完整，没有虚假记载、误导性陈述或重大遗漏。湖北宜化化工股份有限公司及董事会全体成员保证信息披露的内容真实、准确、完整，没有虚假记载、误导性陈述或重大遗漏。湖北宜化化工股份有限公司及董事会全体成员保证信息披露的内容真实、准确、完整，没有虚假记载、误导性陈述或重大遗漏。湖北宜化化工股份有限公司及董事会全体成员保证信息披露的内容真实、准确、完整，没有虚假记载、误导性陈述或重大遗漏。湖北宜化化工股份有限公司及董事会全体成员保证信息披露的内容真实、准确、完整，没有虚假记载、误导性陈述或重大遗漏。湖北宜化化工股份有限公司及董事会全体成员保证信息披露的内容真实、准确、完整，没有虚假记载、误导性陈述或重大遗漏。湖北宜化化工股份有限公司及董事会全体成员保证信息披露的内容真实、准确、完整，没有虚假记载、误导性陈述或重大遗漏。湖北宜化化工股份有限公司及董事会全体成员保证信息披露的内容真实、准确、完整，没有虚假记载、误导性陈述或重大遗漏。湖北宜化化工股份有限公司及董事会全体成员保证信息披露的内容真实、准确、完整，没有虚假记载、误导性陈述或重大遗漏。湖北宜化化工股份有限公司及董事会全体成员保证信息披露的内容真实、准确、完整，没有虚假记

湖北宜化化工股份有限公司及董事会全体成员保证信息披露的内容真实、准确、完整，没有虚假记载、误导性陈述或重大遗漏。湖北宜化化工股份有限公司及董事会全体成员保证信息披露的内容真实、准确、完整，没有虚假记载、误导性陈述或重大遗漏。湖北宜化化工股份有限公司及董事会全体成员保证信息披露的内容真实、准确、完整，没有虚假记载、误导性陈述或重大遗漏。湖北宜化化工股份有限公司及董事会全体成员保证信息披露的内容真实、准确、完整，没有虚假记载、误导性陈述或重大遗漏。湖北宜化化工股份有限公司及董事会全体成员保证信息披露的内容真实、准确、完整，没有虚假记载、误导性陈述或重大遗漏。湖北宜化化工股份有限公司及董事会全体成员保证信息披露的内容真实、准确、完整，没有虚假记载、误导性陈述或重大遗漏。湖北宜化化工股份有限公司及董事会全体成员保证信息披露的内容真实、准确、完整，没有虚假记载、误导性陈述或重大遗漏。湖北宜化化工股份有限公司及董事会全体成员保证信息披露的内容真实、准确、完整，没有虚假记载、误导性陈述或重大遗漏。湖北宜化化工股份有限公司及董事会全体成员保证信息披露的内容真实、准确、完整，没有虚假记载、误导性陈述或重大遗漏。湖北宜化化工股份有限公司及董事会全体成员保证信息披露的内容真实、准确、完整，没有虚假记载、误导性陈述或重大遗漏。湖北宜化化工股份有限公司及董事会全体成员保证信息披露的内容真实、准确、完整，没有虚假记载、误导性陈述或重大遗漏。湖北宜化化工股份有限公司及董事会全体成员保证信息披露的内容真实、准确、完整，没有虚假记载、误导性陈述或重大遗漏。湖北宜化化工股份有限公司及董事会全体成员保证信息披露的内容真实、准确、完整，没有虚假记载、误导性陈述或重大遗漏。湖北宜化化工股份有限公司及董事会全体成员保证信息披露的内容真实、准确、完整，没有虚假记载、误导性陈述或重大遗漏。湖北宜化化工股份有限公司及董事会全体成员保证信息披露的内容真实、准确、完整，没有虚假记载、误导性陈述或重大遗漏。湖北宜化化工股份有限公司及董事会全体成员保证信息披露的内容真实、准确、完整，没有虚假记载、误导性陈述或重大遗漏。湖北宜化化工股份有限公司及董事会全体成员保证信息披露的内容真实、准确、完整，没有虚假记
证券代码：000422 证券简称：湖北宜化 公告编号：2025-080
湖北宜化化工股份有限公司
第十届监事会第三十六次会议
决议公告
湖北宜化化工股份有限公司及董事会全体成员保证信息披露的内容真实、准确、完整，没有虚假记载、误导性陈述或重大遗漏。湖北宜化化工股份有限公司及董事会全体成员保证信息披露的内容真实、准确、完整，没有虚假记载、误导性陈述或重大遗漏。湖北宜化化工股份有限公司及董事会全体成员保证信息披露的内容真实、准确、完整，没有虚假记载、误导性陈述或重大遗漏。湖北宜化化工股份有限公司及董事会全体成员保证信息披露的内容真实、准确、完整，没有虚假记载、误导性陈述或重大遗漏。湖北宜化化工股份有限公司及董事会全体成员保证信息披露的内容真实、准确、完整，没有虚假记载、误导性陈述或重大遗漏。湖北宜化化工股份有限公司及董事会全体成员保证信息披露的内容真实、准确、完整，没有虚假记载、误导性陈述或重大遗漏。湖北宜化化工股份有限公司及董事会全体成员保证信息披露的内容真实、准确、完整，没有虚假记载、误导性陈述或重大遗漏。湖北宜化化工股份有限公司及董事会全体成员保证信息披露的内容真实、准确、完整，没有虚假记载、误导性陈述或重大遗漏。湖北宜化化工股份有限公司及董事会全体成员保证信息披露的内容真实、准确、完整，没有虚假记载、误导性陈述或重大遗漏。湖北宜化化工股份有限公司及董事会全体成员保证信息披露的内容真实、准确、完整，没有虚假记载、误导性陈述或重大遗漏。湖北宜化化工股份有限公司及董事会全体成员保证信息披露的内容真实、准确、完整，没有虚假记载、误导性陈述或重大遗漏。湖北宜化化工股份有限公司及董事会全体成员保证信息披露的内容真实、准确、完整，没有虚假记载、误导性陈述或重大遗漏。湖北宜化化工股份有限公司及董事会全体成员保证信息披露的内容真实、准确、完整，没有虚假记载、误导性陈述或重大遗漏。湖北宜化化工股份有限公司及董事会全体成员保证信息披露的内容真实、准确、完整，没有虚假记载、误导性陈述或重大遗漏。湖北宜化化工股份有限公司及董事会全体成员保证信息披露的内容真实、准确、完整，没有虚假记载、误导性陈述或重大遗漏。湖北宜化化工股份有限公司及董事会全体成员保证信息披露的内容真实、准确、完整，没有虚假记载、误导性陈述或重大遗漏。湖北宜化化工股份有限公司及董事会全体成员保证信息披露的内容真实、准确、完整，没有虚假记载、误导性陈述或重大遗漏。湖北宜化化工股份有限公司及董事会全体成员保证信息披露的内容真实、准
湖北宜化化工股份有限公司及董事会全体成员保证信息披露的内容真实、准确、完整，没有虚假记载、误导性陈述或重大遗漏。湖北宜化化工股份有限公司及董事会全体成员保证信息披露的内容真实、准确、完整，没有虚假记载、误导性陈述或重大遗漏。湖北宜化化工股份有限公司及董事会全体成员保证信息披露的内容真实、准确、完整，没有虚假记载、误导性陈述或重大遗漏。湖北宜化化工股份有限公司及董事会全体成员保证信息披露的内容真实、准确、完整，没有虚假记载、误导性陈述或重大遗漏。湖北宜化化工股份有限公司及董事会全体成员保证信息披露的内容真实、准确、完整，没有虚假记载、误导性陈述或重大遗漏。湖北宜化化工股份有限公司及董事会全体成员保证信息披露的内容真实、准确、完整，没有虚假记载、误导性陈述或重大遗漏。湖北宜化化工股份有限公司及董事会全体成员保证信息披露的内容真实、准确、完整，没有虚假记载、误导性陈述或重大遗漏。湖北宜化化工股份有限公司及董事会全体成员保证信息披露的内容真实、准确、完整，没有虚假记载、误导性陈述或重大遗漏。湖北宜化化工股份有限公司及董事会全体成员保证信息披露的内容真实、准确、完整，没有虚假记载、误导性陈述或重大遗漏。湖北宜化化工股份有限公司及董事会全体成员保证信息披露的内容真实、准确、完整，没有虚假记载、误导性陈述或重大遗漏。湖北宜化化工股份有限公司及董事会全体成员保证信息披露的内容真实、准确、完整，没有虚假记载、误导性陈述或重大遗漏。湖北宜化化工股份有限公司及董事会全体成员保证信息披露的内容真实、准确、完整，没有虚假记载、误导性陈述或重大遗漏。湖北宜化化工股份有限公司及董事会全体成员保证信息披露的内容真实、准确、完整，没有虚假记载、误导性陈述或重大遗漏。湖北宜化化工股份有限公司及董事会全体成员保证信息披露的内容真实、准确、完整，没有虚假记载、误导性陈述或重大遗漏。湖北宜化化工股份有限公司及董事会全体成员保证信息披露的内容真实、准确、完整，没有虚假记载、误导性陈述或重大遗漏。湖北宜化化工股份有限公司及董事会全体成员保证信息披露的内容真实、准确、完整，没有虚假记载、误导性陈述或重大遗漏。湖北宜化化工股份有限公司及董事会全体成员保证信息披露的内容真实、准确、完整，没有虚假记载、误导性陈述或重大遗漏。湖北宜化化工股份有限公司及董事会全体成员保证信息披露的内容真实、准
湖北宜化化工股份有限公司
监事会
2025年6月13日
证券代码：000422 证券简称：湖北宜化 公告编号：2025-083
湖北宜化化工股份有限公司
关于拟注册及发行永续
中期票据的公告
湖北宜化化工股份有限公司及董事会全体成员保证信息披露的内容真实、准确、完整，没有虚假记载、误导性陈述或重大遗漏。湖北宜化化工股份有限公司及董事会全体成员保证信息披露的内容真实、准确、完整，没有虚假记载、误导性陈述或重大遗漏。湖北宜化化工股份有限公司及董事会全体成员保证信息披露的内容真实、准确、完整，没有虚假记载、误导性陈述或重大遗漏。湖北宜化化工股份有限公司及董事会全体成员保证信息披露的内容真实、准确、完整，没有虚假记载、误导性陈述或重大遗漏。湖北宜化化工股份有限公司及董事会全体成员保证信息披露的内容真实、准确、完整，没有虚假记载、误导性陈述或重大遗漏。湖北宜化化工股份有限公司及董事会全体成员保证信息披露的内容真实、准确、完整，没有虚假记载、误导性陈述或重大遗漏。湖北宜化化工股份有限公司及董事会全体成员保证信息披露的内容真实、准确、完整，没有虚假记载、误导性陈述或重大遗漏。湖北宜化化工股份有限公司及董事会全体成员保证信息披露的内容真实、准确、完整，没有虚假记载、误导性陈述或重大遗漏。湖北宜化化工股份有限公司及董事会全体成员保证信息披露的内容真实、准确、完整，没有虚假记载、误导性陈述或重大遗漏。湖北宜化化工股份有限公司及董事会全体成员保证信息披露的内容真实、准确、完整，没有虚假记载、误导性陈述或重大遗漏。湖北宜化化工股份有限公司及董事会全体成员保证信息披露的内容真实、准确、完整，没有虚假记载、误导性陈述或重大遗漏。湖北宜化化工股份有限公司及董事会全体成员保证信息披露的内容真实、准确、完整，没有虚假记载、误导性陈述或重大遗漏。湖北宜化化工股份有限公司及董事会全体成员保证信息披露的内容真实、准确、完整，没有虚假记载、误导性陈述或重大遗漏。湖北宜化化工股份有限公司及董事会全体成员保证信息披露的内容真实、准确、完整，没有虚假记载、误导性陈述或重大遗漏。湖北宜化化工股份有限公司及董事会全体成员保证信息披露的内容真实、准确、完整，没有虚假记载、误导性陈述或重大遗漏。湖北宜化化工股份有限公司及董事会全体成员保证信息披露的内容真实、准确、完整，没有虚假记载、误导性陈述或重大遗漏。湖北宜化化工股份有限公司及董事会全体成员保证信息披露的内容真实、准确、完整，没有虚假记载、误导性陈述或重大遗漏。湖北宜化化工股份有限公司及董事会全体成员保证信息披露的内容真实、准确、完整，没有虚假记载、误导性陈述或重大遗漏。湖北宜化化工股份有限公司及董事会全体成员保证信息披露的内容真实、准确、完整，没有虚假记载、误导性陈述或重大遗漏。湖北宜化化工股份有限公司及董事会全体成员保证信息披露的内容真实、准确、完整，没有虚假记载、误导性陈述或重大遗漏。湖北宜化化工股份有限公司及董事会全体成员保证信息披露的内容真实、准确、完整，没有虚假记载、误导性陈述或重大遗漏。湖北宜化化工股份有限公司及董事会全体成员保证信息披露的内容真实、准确、完整，没有虚假记载、误导性陈述或重大遗漏。湖北宜化化工股份有限公司及董事会全体成员保证信息披露的内容真实、准确、完整，没有虚假记载、误导性陈述或重大遗漏。湖北宜化化工股份有限公司及董事会全体成员保证信息披露的内容真实、准确、完整，没有虚假记载、误导性陈述或重大遗漏。湖北宜化化工股份有限公司及董事会全体成员保证信息披露的内容真实、准确、完整，没有虚假记载、误导性陈述或重大遗漏。湖北宜化化工股份有限公司及董事会全体成员保证信息披露的内容真实、准确、完整，没有虚假记载、误导性陈述或重大遗漏。湖北宜化化工股份有限公司及董事会全体成员保证信息披露的内容真实、准确、完整，没有虚假记载、误导性陈述或重大遗漏。湖北宜化化工股份有限公司及董事会全体成员保证信息披露的内容真实、准确、完整，没有虚假记载、误导性陈述或重大遗漏。湖北宜化化工股份有限公司及董事会全体成员保证信息披露的内容真实、准确、完整，没有虚假记载、误导性陈述或重大遗漏。湖北宜化化工股份有限公司及董事会全体成员保证信息披露的内容真实、准确、完整，没有虚假记载、误导性陈述或重大遗漏。湖北宜化化工股份有限公司及董事会全体成员保证信息披露的内容真实、准确、完整，没有虚假记载、误导性陈述或重大遗漏。湖北宜化化工股份有限公司及董事会全体成员保证信息披露的内容真实、准确、完整，没有虚假记载、误导性陈述或重大遗漏。湖北宜化化工股份有限公司及董事会全体成员保证信息披露的内容真实、准
湖北宜化化工股份有限公司及董事会全体成员保证信息披露的内容真实、准确、完整，没有虚假记载、误导性陈述或重大遗漏。湖北宜化化工股份有限公司及董事会全体成员保证信息披露的内容真实、准确、完整，没有虚假记载、误导性陈述或重大遗漏。湖北宜化化工股份有限公司及董事会全体成员保证信息披露的内容真实、准确、完整，没有虚假记载、误导性陈述或重大遗漏。湖北宜化化工股份有限公司及董事会全体成员保证信息披露的内容真实、准确、完整，没有虚假记载、误导性陈述或重大遗漏。湖北宜化化工股份有限公司及董事会全体成员保证信息披露的内容真实、准确、完整，没有虚假记载、误导性陈述或重大遗漏。湖北宜化化工股份有限公司及董事会全体成员保证信息披露的内容真实、准确、完整，没有虚假记载、误导性陈述或重大遗漏。湖北宜化化工股份有限公司及董事会全体成员保证信息披露的内容真实、准确、完整，没有虚假记载、误导性陈述或重大遗漏。湖北宜化化工股份有限公司及董事会全体成员保证信息披露的内容真实、准确、完整，没有虚假记载、误导性陈述或重大遗漏。湖北宜化化工股份有限公司及董事会全体成员保证信息披露的内容真实、准确、完整，没有虚假记载、误导性陈述或重大遗漏。湖北宜化化工股份有限公司及董事会全体成员保证信息披露的内容真实、准确、完整，没有虚假记载、误导性陈述或重大遗漏。湖北宜化化工股份有限公司及董事会全体成员保证信息披露的内容真实、准确、完整，没有虚假记载、误导性陈述或重大遗漏。湖北宜化化工股份有限公司及董事会全体成员保证信息披露的内容真实、准确、完整，没有虚假记载、误导性陈述或重大遗漏。湖北宜化化工股份有限公司及董事会全体成员保证信息披露的内容真实、准确、完整，没有虚假记载、误导性陈述或重大遗漏。湖北宜化化工股份有限公司及董事会全体成员保证信息披露的内容真实、准确、完整，没有虚假记载、误导性陈述或重大遗漏。湖北宜化化工股份有限公司及董事会全体成员保证信息披露的内容真实、准确、完整，没有虚假记载、误导性陈述或重大遗漏。湖北宜化化工股份有限公司及董事会全体成员保证信息披露的内容真实、准确、完整，没有虚假记载、误导性陈述或重大遗漏。湖北宜化化工股份有限公司及董事会全体成员保证信息披露的内容真实、准确、完整，没有虚假记载、误导性陈述或重大遗漏。湖北宜化化工股份有限公司及董事会全体成员保证信息披露的内容真实、准确、完整，没有虚假记载、误导性陈述或重大遗漏。湖北宜化化工股份有限公司及董事会全体成员保证信息披露的内容真实、准确、完整，没有虚假记载、误导性陈述或重大遗漏。湖北宜化化工股份有限公司及董事会全体成员保证信息披露的内容真实、准确、完整，没有虚假记载、误导性陈述或重大遗漏。湖北宜化化工股份有限公司及董事会全体成员保证信息披露的内容真实、准确、完整，没有虚假记载、误导性陈述或重大遗漏。湖北宜化化工股份有限公司及董事会全体成员保证信息披露的内容真实、准确、完整，没有虚假记载、误导性陈述或重大遗漏。湖北宜化化工股份有限公司及董事会全体成员保证信息披露的内容真实、准确、完整，没有虚假记载、误导性陈述或重大遗漏。湖北宜化化工股份有限公司及董事会全体成员保证信息披露的内容真实、准确、完整，没有虚假记载、误导性陈述或重大遗漏。湖北宜化化工股份有限公司及董事会全体成员保证信息披露的内容真实、准确、完整，没有虚假记载、误导性陈述或重大遗漏。湖北宜化化工股份有限公司及董事会全体成员保证信息披露的内容真实、准确、完整，没有虚假记载、误导性陈述或重大遗漏。湖北宜化化工股份有限公司及董事会全体成员保证信息披露的内容真实、准确、完整，没有虚假记载、误导性陈述或重大遗漏。湖北宜化化工股份有限公司及董事会全体成员保证信息披露的内容真实、准确、完整，没有虚假记载、误导性陈述或重大遗漏。湖北宜化化工股份有限公司及董事会全体成员保证信息披露的内容真实、准确、完整，没有虚假记载、误导性陈述或重大遗漏。湖北宜化化工股份有限公司及董事会全体成员保证信息披露的内容真实、准确、完整，没有虚假记载、误导性陈述或重大遗漏。湖北宜化化工股份有限公司及董事会全体成员保证信息披露的内容真实、准确、完整，没有虚假记载、误导性陈述或重大遗漏。湖北宜化化工股份有限公司及董事会全体成员保证信息披露的内容真实、准确、完整，没有虚假记载、误导性陈述或重大遗漏。湖北宜化化工股份有限公司及董事会全体成员保证信息披露的内容真实、准
湖北宜化化工股份有限公司
董事会

湖北宜化化工股份有限公司及董事会全体成员保证信息披露的内容真实、准确、完整，没有虚假记载、误导性陈述或重大遗漏。湖北宜化化工股份有限公司及董事会全体成员保证信息披露的内容真实、准确、完整，没有虚假记载、误导性陈述或重大遗漏。湖北宜化化工股份有限公司及董事会全体成员保证信息披露的内容真实、准确、完整，没有虚假记载、误导性陈述或重大遗漏。湖北宜化化工股份有限公司及董事会全体成员保证信息披露的内容真实、准确、完整，没有虚假记载、误导性陈述或重大遗漏。湖北宜化化工股份有限公司及董事会全体成员保证信息披露的内容真实、准确、完整，没有虚假记载、误导性陈述或重大遗漏。湖北宜化化工股份有限公司及董事会全体成员保证信息披露的内容真实、准确、完整，没有虚假记载、误导性陈述或重大遗漏。湖北宜化化工股份有限公司及董事会全体成员保证信息披露的内容真实、准确、完整，没有虚假记载、误导性陈述或重大遗漏。湖北宜化化工股份有限公司及董事会全体成员保证信息披露的内容真实、准确、完整，没有虚假记载、误导性陈述或重大遗漏。湖北宜化化工股份有限公司及董事会全体成员保证信息披露的内容真实、准确、完整，没有虚假记载、误导性陈述或重大遗漏。湖北宜化化工股份有限公司及董事会全体成员保证信息披露的内容真实、准确、完整，没有虚假记载、误导性陈述或重大遗漏。湖北宜化化工股份有限公司及董事会全体成员保证信息披露的内容真实、准确、完整，没有虚假记载、误导性陈述或重大遗漏。湖北宜化化工股份有限公司及董事会全体成员保证信息披露的内容真实、准确、完整，没有虚假记载、误导性陈述或重大遗漏。湖北宜化化工股份有限公司及董事会全体成员保证信息披露的内容真实、准确、完整，没有虚假记载、误导性陈述或重大遗漏。湖北宜化化工股份有限公司及董事会全体成员保证信息披露的内容真实、准确、完整，没有虚假记载、误导性陈述或重大遗漏。湖北宜化化工股份有限公司及董事会全体成员保证信息披露的内容真实、准确、完整，没有虚假记载、误导性陈述或重大遗漏。湖北宜化化工股份有限公司及董事会全体成员保证信息披露的内容真实、准确、完整，没有虚假记载、误导性陈述或重大遗漏。湖北宜化化工股份有限公司及董事会全体成员保证信息披露的内容真实、准确、完整，没有虚假记

湖北宜化化工股份有限公司及董事会全体成员保证信息披露的内容真实、准确、完整，没有虚假记载、误导性陈述或重大遗漏。湖北宜化化工股份有限公司及董事会全体成员保证信息披露的内容真实、准确、完整，没有虚假记载、误导性陈述或重大遗漏。湖北宜化化工股份有限公司及董事会全体成员保证信息披露的内容真实、准确、完整，没有虚假记载、误导性陈述或重大遗漏。湖北宜化化工股份有限公司及董事会全体成员保证信息披露的内容真实、准确、完整，没有虚假记载、误导性陈述或重大遗漏。湖北宜化化工股份有限公司及董事会全体成员保证信息披露的内容真实、准确、完整，没有虚假记载、误导性陈述或重大遗漏。湖北宜化化工股份有限公司及董事会全体成员保证信息披露的内容真实、准确、完整，没有虚假记载、误导性陈述或重大遗漏。湖北宜化化工股份有限公司及董事会全体成员保证信息披露的内容真实、准确、完整，没有虚假记载、误导性陈述或重大遗漏。湖北宜化化工股份有限公司及董事会全体成员保证信息披露的内容真实、准确、完整，没有虚假记载、误导性陈述或重大遗漏。湖北宜化化工股份有限公司及董事会全体成员保证信息披露的内容真实、准确、完整，没有虚假记载、误导性陈述或重大遗漏。湖北宜化化工股份有限公司及董事会全体成员保证信息披露的内容真实、准确、完整，没有虚假记载、误导性陈述或重大遗漏。湖北宜化化工股份有限公司及董事会全体成员保证信息披露的内容真实、准确、完整，没有虚假记载、误导性陈述或重大遗漏。湖北宜化化工股份有限公司及董事会全体成员保证信息披露的内容真实、准确、完整，没有虚假记载、误导性陈述或重大遗漏。湖北宜化化工股份有限公司及董事会全体成员保证信息披露的内容真实、准确、完整，没有虚假记载、误导性陈述或重大遗漏。湖北宜化化工股份有限公司及董事会全体成员保证信息披露的内容真实、准确、完整，没有虚假记载、误导性陈述或重大遗漏。湖北宜化化工股份有限公司及董事会全体成员保证信息披露的内容真实、准确、完整，没有虚假记载、误导性陈述或重大遗漏。湖北宜化化工股份有限公司及董事会全体成员保证信息披露的内容真实、准确、完整，没有虚假记载、误导性陈述或重大遗漏。湖北宜化化工股份有限公司及董事会全体成员保证信息披露的内容真实、准确、完整，没有虚假记
（下转118版）	（下转118版）
